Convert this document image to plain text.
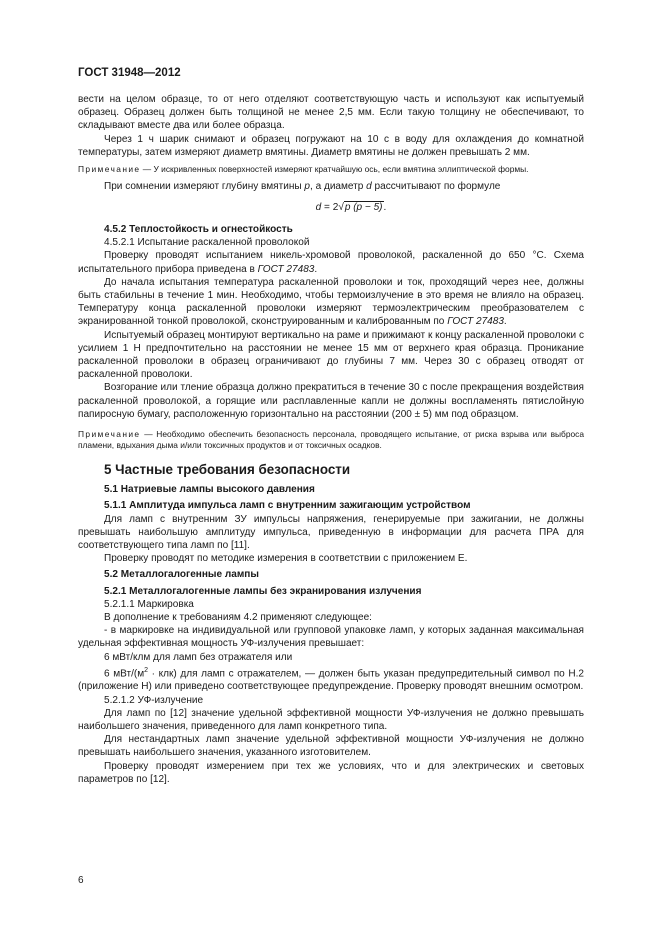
ГОСТ 31948—2012

вести на целом образце, то от него отделяют соответствующую часть и используют как испытуемый образец. Образец должен быть толщиной не менее 2,5 мм. Если такую толщину не обеспечивают, то складывают вместе два или более образца.

Через 1 ч шарик снимают и образец погружают на 10 с в воду для охлаждения до комнатной температуры, затем измеряют диаметр вмятины. Диаметр вмятины не должен превышать 2 мм.

Примечание — У искривленных поверхностей измеряют кратчайшую ось, если вмятина эллиптической формы.

При сомнении измеряют глубину вмятины p, а диаметр d рассчитывают по формуле

d = 2√p (p − 5).

4.5.2 Теплостойкость и огнестойкость

4.5.2.1 Испытание раскаленной проволокой

Проверку проводят испытанием никель-хромовой проволокой, раскаленной до 650 °С. Схема испытательного прибора приведена в ГОСТ 27483.

До начала испытания температура раскаленной проволоки и ток, проходящий через нее, должны быть стабильны в течение 1 мин. Необходимо, чтобы термоизлучение в это время не влияло на образец. Температуру конца раскаленной проволоки измеряют термоэлектрическим преобразователем с экранированной тонкой проволокой, сконструированным и калиброванным по ГОСТ 27483.

Испытуемый образец монтируют вертикально на раме и прижимают к концу раскаленной проволоки с усилием 1 Н предпочтительно на расстоянии не менее 15 мм от верхнего края образца. Проникание раскаленной проволоки в образец ограничивают до глубины 7 мм. Через 30 с образец отводят от раскаленной проволоки.

Возгорание или тление образца должно прекратиться в течение 30 с после прекращения воздействия раскаленной проволокой, а горящие или расплавленные капли не должны воспламенять пятислойную папиросную бумагу, расположенную горизонтально на расстоянии (200 ± 5) мм под образцом.

Примечание — Необходимо обеспечить безопасность персонала, проводящего испытание, от риска взрыва или выброса пламени, вдыхания дыма и/или токсичных продуктов и от токсичных осадков.

5 Частные требования безопасности

5.1 Натриевые лампы высокого давления

5.1.1 Амплитуда импульса ламп с внутренним зажигающим устройством

Для ламп с внутренним ЗУ импульсы напряжения, генерируемые при зажигании, не должны превышать наибольшую амплитуду импульса, приведенную в информации для расчета ПРА для соответствующего типа ламп по [11].

Проверку проводят по методике измерения в соответствии с приложением Е.

5.2 Металлогалогенные лампы

5.2.1 Металлогалогенные лампы без экранирования излучения

5.2.1.1 Маркировка

В дополнение к требованиям 4.2 применяют следующее:

- в маркировке на индивидуальной или групповой упаковке ламп, у которых заданная максимальная удельная эффективная мощность УФ-излучения превышает:

6 мВт/клм для ламп без отражателя или

6 мВт/$(м^2 \cdot клк)$ для ламп с отражателем, — должен быть указан предупредительный символ по Н.2 (приложение Н) или приведено соответствующее предупреждение. Проверку проводят внешним осмотром.

5.2.1.2 УФ-излучение

Для ламп по [12] значение удельной эффективной мощности УФ-излучения не должно превышать наибольшего значения, приведенного для ламп конкретного типа.

Для нестандартных ламп значение удельной эффективной мощности УФ-излучения не должно превышать наибольшего значения, указанного изготовителем.

Проверку проводят измерением при тех же условиях, что и для электрических и световых параметров по [12].

6
